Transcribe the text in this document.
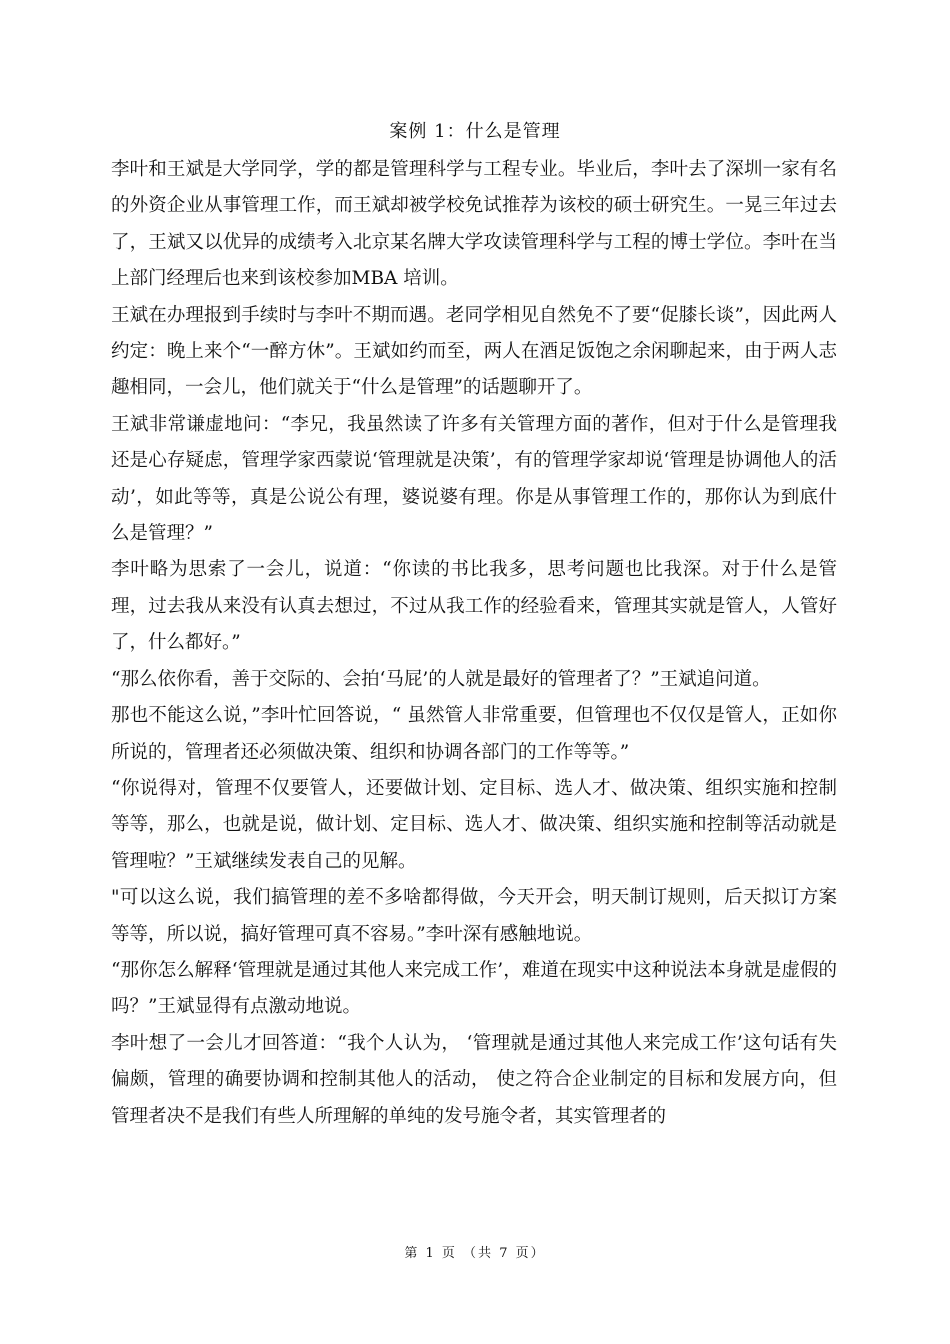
案例 1：什么是管理

李叶和王斌是大学同学，学的都是管理科学与工程专业。毕业后，李叶去了深圳一家有名的外资企业从事管理工作，而王斌却被学校免试推荐为该校的硕士研究生。一晃三年过去了，王斌又以优异的成绩考入北京某名牌大学攻读管理科学与工程的博士学位。李叶在当上部门经理后也来到该校参加MBA 培训。

王斌在办理报到手续时与李叶不期而遇。老同学相见自然免不了要“促膝长谈”，因此两人约定：晚上来个“一醉方休”。王斌如约而至，两人在酒足饭饱之余闲聊起来，由于两人志趣相同，一会儿，他们就关于“什么是管理”的话题聊开了。

王斌非常谦虚地问：“李兄，我虽然读了许多有关管理方面的著作，但对于什么是管理我还是心存疑虑，管理学家西蒙说‘管理就是决策’，有的管理学家却说‘管理是协调他人的活动’，如此等等，真是公说公有理，婆说婆有理。你是从事管理工作的，那你认为到底什么是管理？”

李叶略为思索了一会儿，说道：“你读的书比我多，思考问题也比我深。对于什么是管理，过去我从来没有认真去想过，不过从我工作的经验看来，管理其实就是管人，人管好了，什么都好。”

“那么依你看，善于交际的、会拍‘马屁’的人就是最好的管理者了？”王斌追问道。

那也不能这么说，”李叶忙回答说，“ 虽然管人非常重要，但管理也不仅仅是管人，正如你所说的，管理者还必须做决策、组织和协调各部门的工作等等。”

“你说得对，管理不仅要管人，还要做计划、定目标、选人才、做决策、组织实施和控制等等，那么，也就是说，做计划、定目标、选人才、做决策、组织实施和控制等活动就是管理啦？”王斌继续发表自己的见解。

"可以这么说，我们搞管理的差不多啥都得做，今天开会，明天制订规则，后天拟订方案等等，所以说，搞好管理可真不容易。”李叶深有感触地说。

“那你怎么解释‘管理就是通过其他人来完成工作’，难道在现实中这种说法本身就是虚假的吗？”王斌显得有点激动地说。

李叶想了一会儿才回答道：“我个人认为， ‘管理就是通过其他人来完成工作’这句话有失偏颇，管理的确要协调和控制其他人的活动， 使之符合企业制定的目标和发展方向，但管理者决不是我们有些人所理解的单纯的发号施令者，其实管理者的

第 1 页 （共 7 页）
